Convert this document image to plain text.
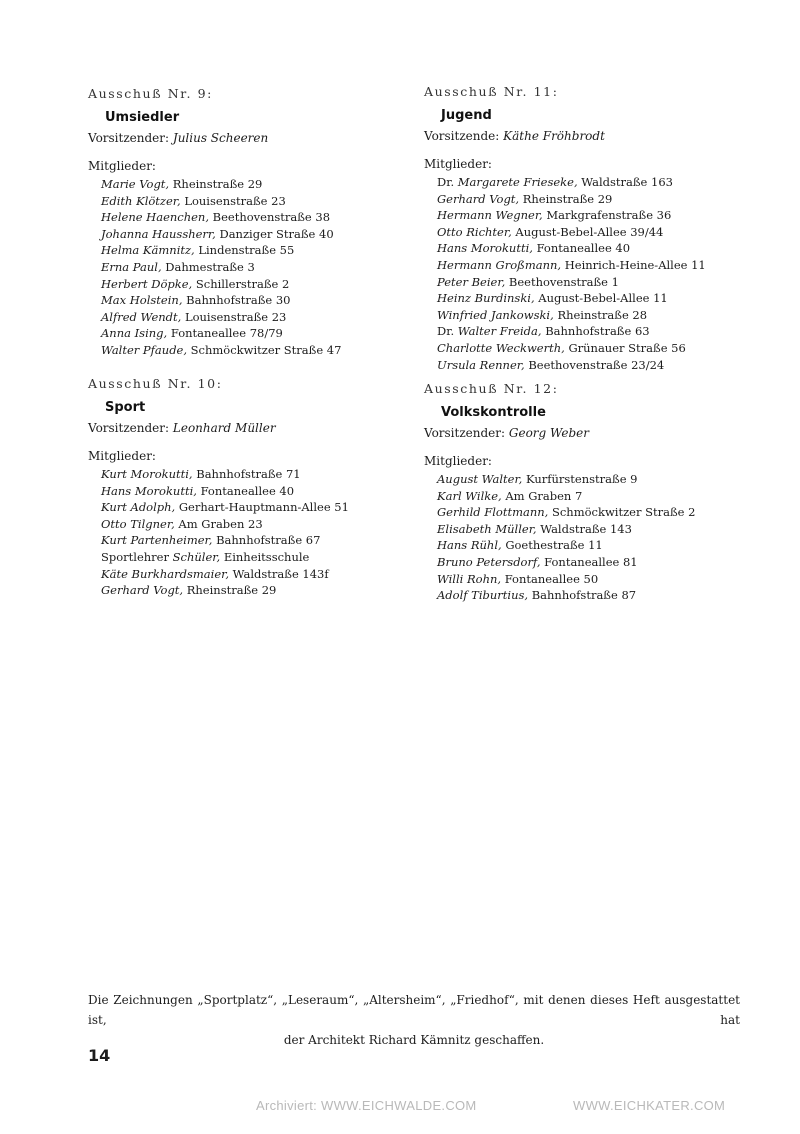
Ausschuß Nr. 9:
Umsiedler
Vorsitzender: Julius Scheeren
Mitglieder:
Marie Vogt, Rheinstraße 29
Edith Klötzer, Louisenstraße 23
Helene Haenchen, Beethovenstraße 38
Johanna Haussherr, Danziger Straße 40
Helma Kämnitz, Lindenstraße 55
Erna Paul, Dahmestraße 3
Herbert Döpke, Schillerstraße 2
Max Holstein, Bahnhofstraße 30
Alfred Wendt, Louisenstraße 23
Anna Ising, Fontaneallee 78/79
Walter Pfaude, Schmöckwitzer Straße 47
Ausschuß Nr. 10:
Sport
Vorsitzender: Leonhard Müller
Mitglieder:
Kurt Morokutti, Bahnhofstraße 71
Hans Morokutti, Fontaneallee 40
Kurt Adolph, Gerhart-Hauptmann-Allee 51
Otto Tilgner, Am Graben 23
Kurt Partenheimer, Bahnhofstraße 67
Sportlehrer Schüler, Einheitsschule
Käte Burkhardsmaier, Waldstraße 143f
Gerhard Vogt, Rheinstraße 29
Ausschuß Nr. 11:
Jugend
Vorsitzende: Käthe Fröhbrodt
Mitglieder:
Dr. Margarete Frieseke, Waldstraße 163
Gerhard Vogt, Rheinstraße 29
Hermann Wegner, Markgrafenstraße 36
Otto Richter, August-Bebel-Allee 39/44
Hans Morokutti, Fontaneallee 40
Hermann Großmann, Heinrich-Heine-Allee 11
Peter Beier, Beethovenstraße 1
Heinz Burdinski, August-Bebel-Allee 11
Winfried Jankowski, Rheinstraße 28
Dr. Walter Freida, Bahnhofstraße 63
Charlotte Weckwerth, Grünauer Straße 56
Ursula Renner, Beethovenstraße 23/24
Ausschuß Nr. 12:
Volkskontrolle
Vorsitzender: Georg Weber
Mitglieder:
August Walter, Kurfürstenstraße 9
Karl Wilke, Am Graben 7
Gerhild Flottmann, Schmöckwitzer Straße 2
Elisabeth Müller, Waldstraße 143
Hans Rühl, Goethestraße 11
Bruno Petersdorf, Fontaneallee 81
Willi Rohn, Fontaneallee 50
Adolf Tiburtius, Bahnhofstraße 87
Die Zeichnungen „Sportplatz“, „Leseraum“, „Altersheim“, „Friedhof“, mit denen dieses Heft ausgestattet ist, hat
der Architekt Richard Kämnitz geschaffen.
14
Archiviert: WWW.EICHWALDE.COM	WWW.EICHKATER.COM
